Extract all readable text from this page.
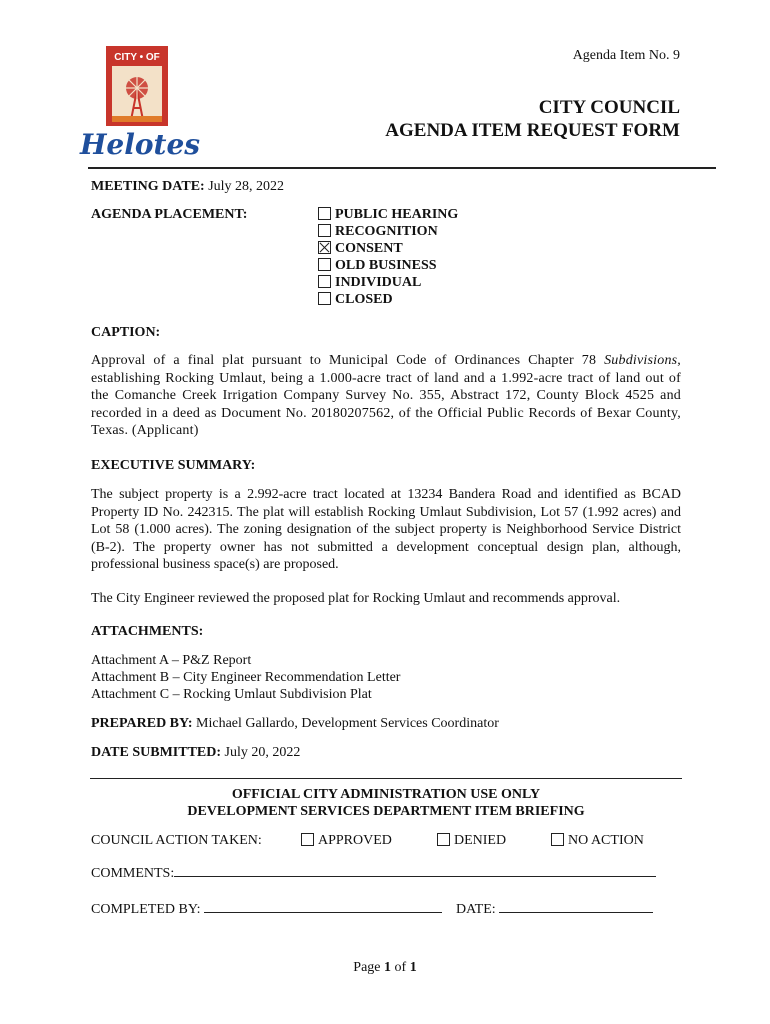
CITY • OF
Helotes
Agenda Item No. 9
CITY COUNCIL
AGENDA ITEM REQUEST FORM
MEETING DATE: July 28, 2022
AGENDA PLACEMENT:	PUBLIC HEARING
RECOGNITION
CONSENT
OLD BUSINESS
INDIVIDUAL
CLOSED
CAPTION:

Approval of a final plat pursuant to Municipal Code of Ordinances Chapter 78 Subdivisions, establishing Rocking Umlaut, being a 1.000-acre tract of land and a 1.992-acre tract of land out of the Comanche Creek Irrigation Company Survey No. 355, Abstract 172, County Block 4525 and recorded in a deed as Document No. 20180207562, of the Official Public Records of Bexar County, Texas. (Applicant)

EXECUTIVE SUMMARY:

The subject property is a 2.992-acre tract located at 13234 Bandera Road and identified as BCAD Property ID No. 242315. The plat will establish Rocking Umlaut Subdivision, Lot 57 (1.992 acres) and Lot 58 (1.000 acres). The zoning designation of the subject property is Neighborhood Service District (B-2). The property owner has not submitted a development conceptual design plan, although, professional business space(s) are proposed.

The City Engineer reviewed the proposed plat for Rocking Umlaut and recommends approval.

ATTACHMENTS:
Attachment A – P&Z Report
Attachment B – City Engineer Recommendation Letter
Attachment C – Rocking Umlaut Subdivision Plat
PREPARED BY: Michael Gallardo, Development Services Coordinator
DATE SUBMITTED: July 20, 2022
OFFICIAL CITY ADMINISTRATION USE ONLY
DEVELOPMENT SERVICES DEPARTMENT ITEM BRIEFING
COUNCIL ACTION TAKEN:	APPROVED	DENIED	NO ACTION
COMMENTS:
COMPLETED BY:	DATE:
Page 1 of 1
